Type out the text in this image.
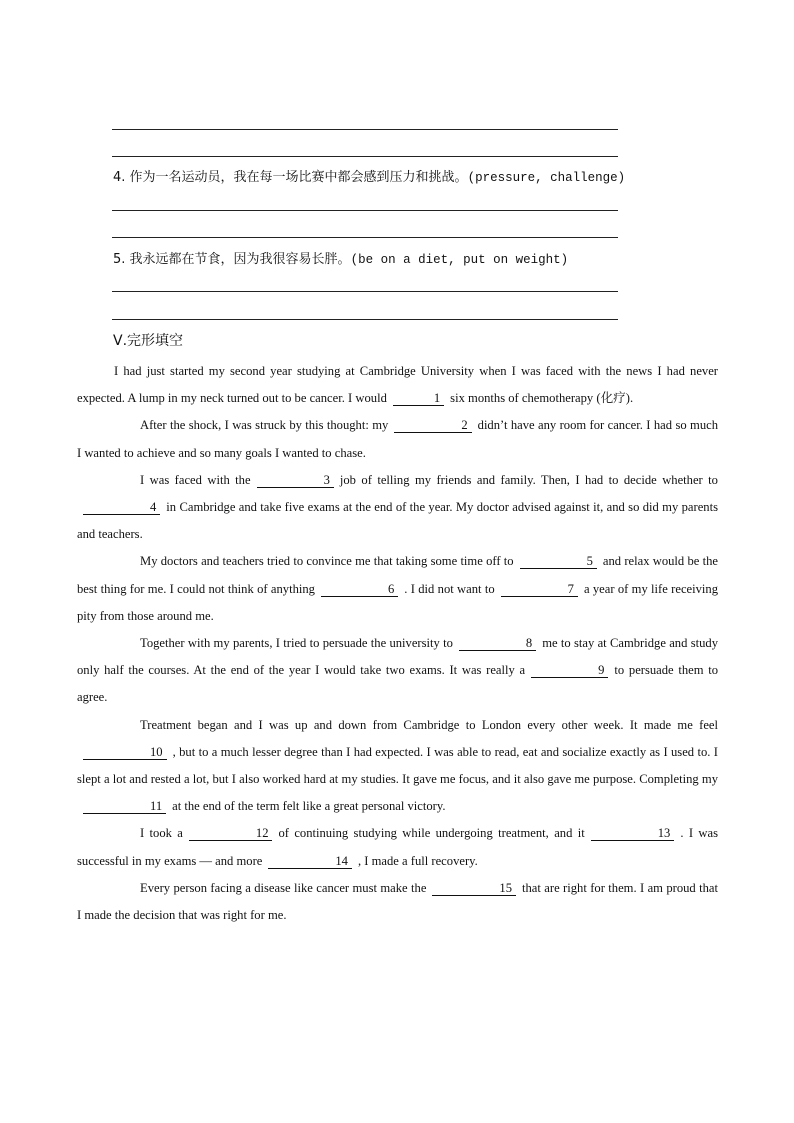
4. 作为一名运动员，我在每一场比赛中都会感到压力和挑战。(pressure, challenge)
5. 我永远都在节食，因为我很容易长胖。(be on a diet, put on weight)
Ⅴ.完形填空

I had just started my second year studying at Cambridge University when I was faced with the news I had never expected. A lump in my neck turned out to be cancer. I would	1 six months of chemotherapy (化疗).

After the shock, I was struck by this thought: my	2 didn’t have any room for cancer. I had so much I wanted to achieve and so many goals I wanted to chase.

I was faced with the	3 job of telling my friends and family. Then, I had to decide whether to4 in Cambridge and take five exams at the end of the year. My doctor advised against it, and so did my parents and teachers.

My doctors and teachers tried to convince me that taking some time off to	5 and relax would be the best thing for me. I could not think of anything	6 . I did not want to	7 a year of my life receiving pity from those around me.

Together with my parents, I tried to persuade the university to	8 me to stay at Cambridge and study only half the courses. At the end of the year I would take two exams. It was really a	9 to persuade them to agree.

Treatment began and I was up and down from Cambridge to London every other week. It made me feel10 , but to a much lesser degree than I had expected. I was able to read, eat and socialize exactly as I used to. I slept a lot and rested a lot, but I also worked hard at my studies. It gave me focus, and it also gave me purpose. Completing my11 at the end of the term felt like a great personal victory.

I took a	12 of continuing studying while undergoing treatment, and it	13 . I was successful in my exams — and more	14 , I made a full recovery.

Every person facing a disease like cancer must make the	15 that are right for them. I am proud that I made the decision that was right for me.
